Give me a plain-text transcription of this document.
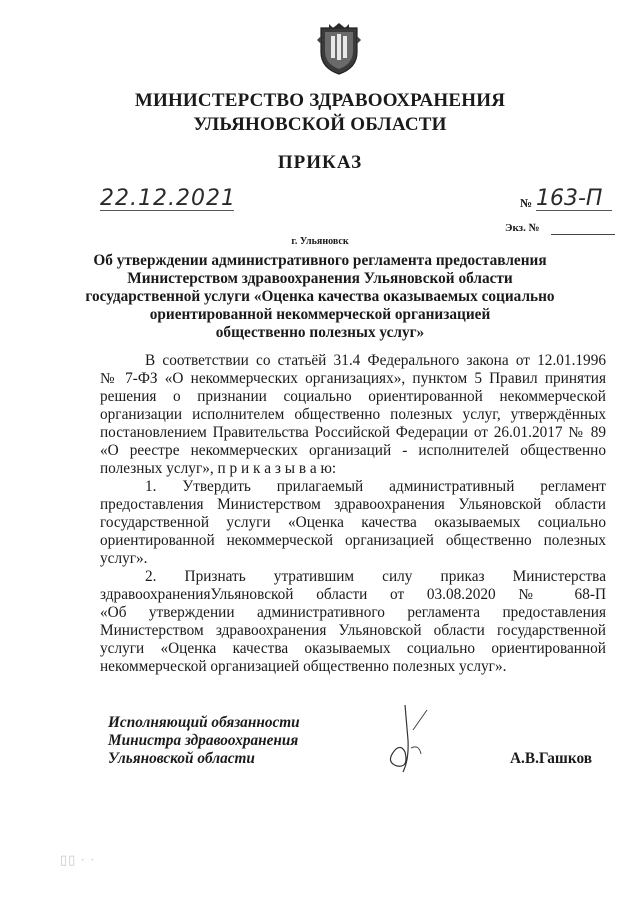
МИНИСТЕРСТВО ЗДРАВООХРАНЕНИЯ
УЛЬЯНОВСКОЙ ОБЛАСТИ
ПРИКАЗ
22.12.2021	№ 163-П
Экз. №
г. Ульяновск
Об утверждении административного регламента предоставления
Министерством здравоохранения Ульяновской области
государственной услуги «Оценка качества оказываемых социально
ориентированной некоммерческой организацией
общественно полезных услуг»
В соответствии со статьёй 31.4 Федерального закона от 12.01.1996
№ 7-ФЗ «О некоммерческих организациях», пунктом 5 Правил принятия
решения о признании социально ориентированной некоммерческой
организации исполнителем общественно полезных услуг, утверждённых
постановлением Правительства Российской Федерации от 26.01.2017 № 89
«О реестре некоммерческих организаций - исполнителей общественно
полезных услуг», п р и к а з ы в а ю:
1. Утвердить прилагаемый административный регламент
предоставления Министерством здравоохранения Ульяновской области
государственной услуги «Оценка качества оказываемых социально
ориентированной некоммерческой организацией общественно полезных
услуг».
2. Признать утратившим силу приказ Министерства
здравоохраненияУльяновской области от 03.08.2020 № 68-П
«Об утверждении административного регламента предоставления
Министерством здравоохранения Ульяновской области государственной
услуги «Оценка качества оказываемых социально ориентированной
некоммерческой организацией общественно полезных услуг».
Исполняющий обязанности
Министра здравоохранения
Ульяновской области	А.В.Гашков
▯▯ · ·
